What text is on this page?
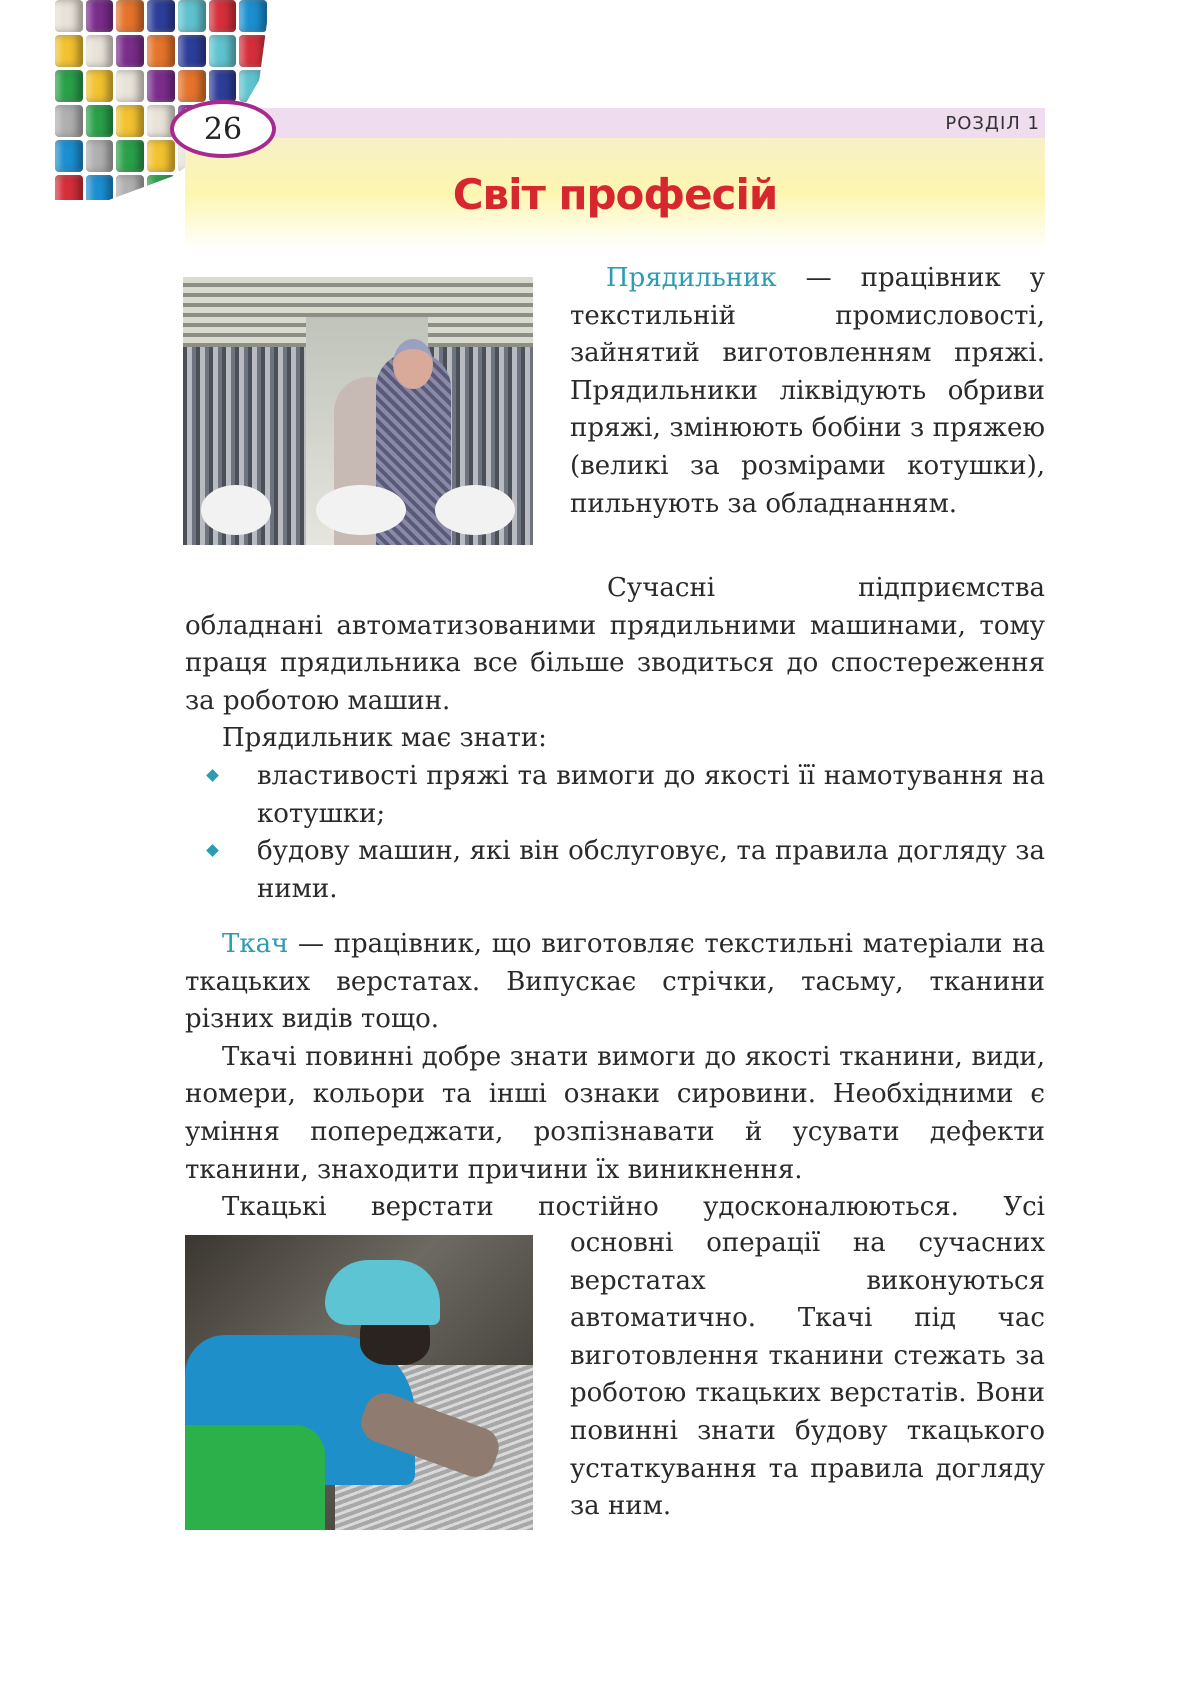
26	РОЗДІЛ 1
Світ професій

Прядильник — працівник у текстильній промисловості, зайнятий виготовленням пряжі. Прядильники ліквідують обриви пряжі, змінюють бобіни з пряжею (великі за розмірами котушки), пильнують за обладнанням.

Сучасні підприємства обладнані автоматизованими прядильними машинами, тому праця прядильника все більше зводиться до спостереження за роботою машин.

Прядильник має знати:

властивості пряжі та вимоги до якості її намотування на котушки;
будову машин, які він обслуговує, та правила догляду за ними.

Ткач — працівник, що виготовляє текстильні матеріали на ткацьких верстатах. Випускає стрічки, тасьму, тканини різних видів тощо.

Ткачі повинні добре знати вимоги до якості тканини, види, номери, кольори та інші ознаки сировини. Необхідними є уміння попереджати, розпізнавати й усувати дефекти тканини, знаходити причини їх виникнення.

Ткацькі верстати постійно удосконалюються. Усі

основні операції на сучасних верстатах виконуються автоматично. Ткачі під час виготовлення тканини стежать за роботою ткацьких верстатів. Вони повинні знати будову ткацького устаткування та правила догляду за ним.
